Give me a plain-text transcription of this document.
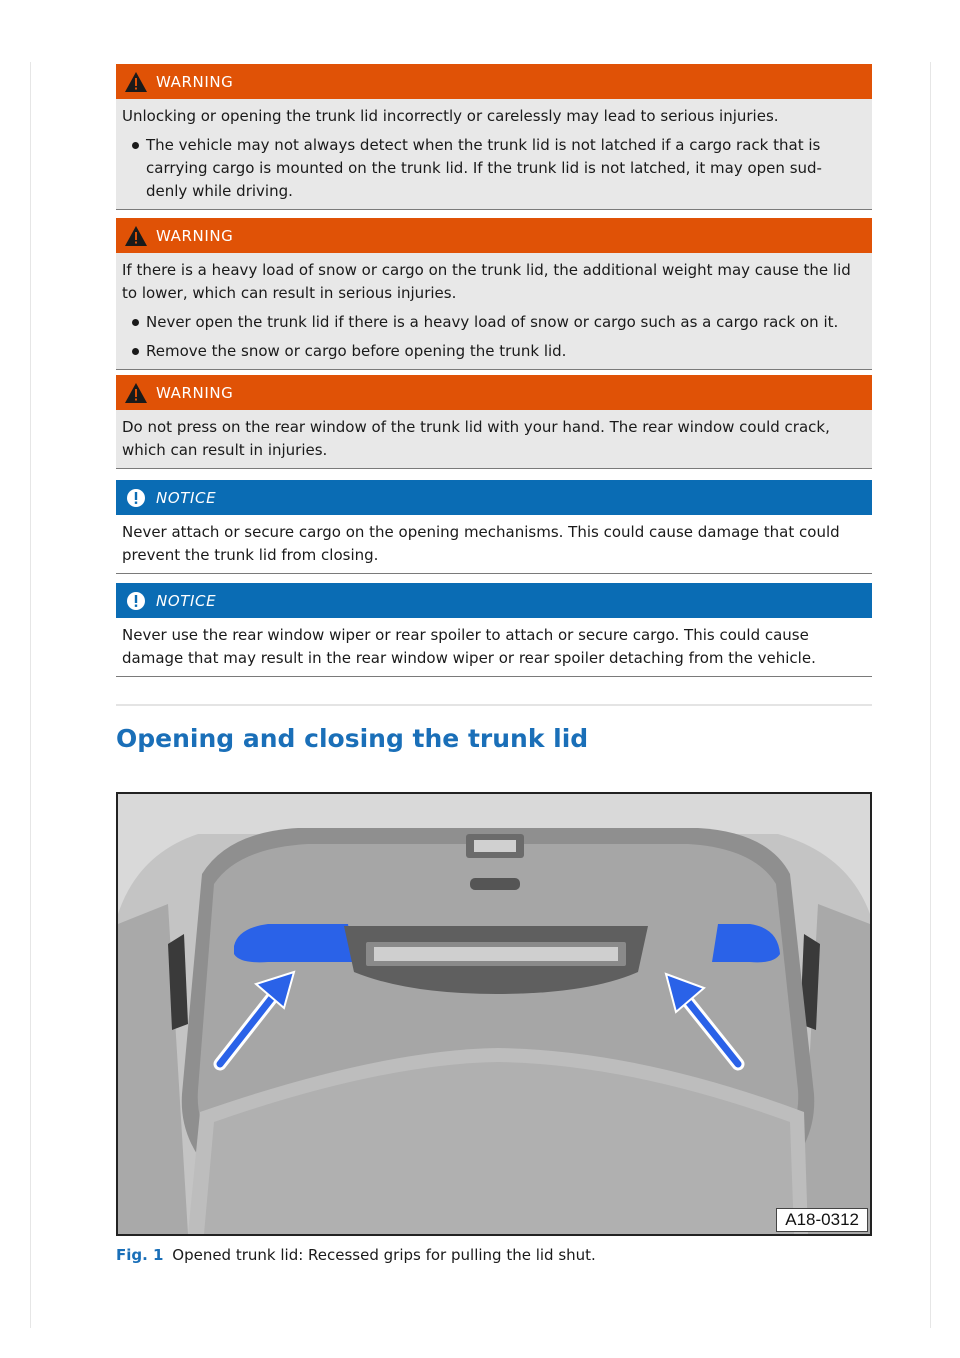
WARNING

Unlocking or opening the trunk lid incorrectly or carelessly may lead to serious injuries.

The vehicle may not always detect when the trunk lid is not latched if a cargo rack that is carrying cargo is mounted on the trunk lid. If the trunk lid is not latched, it may open sud-denly while driving.
WARNING

If there is a heavy load of snow or cargo on the trunk lid, the additional weight may cause the lid to lower, which can result in serious injuries.

Never open the trunk lid if there is a heavy load of snow or cargo such as a cargo rack on it.
Remove the snow or cargo before opening the trunk lid.
WARNING

Do not press on the rear window of the trunk lid with your hand. The rear window could crack, which can result in injuries.

NOTICE

Never attach or secure cargo on the opening mechanisms. This could cause damage that could prevent the trunk lid from closing.

NOTICE

Never use the rear window wiper or rear spoiler to attach or secure cargo. This could cause damage that may result in the rear window wiper or rear spoiler detaching from the vehicle.

Opening and closing the trunk lid
A18-0312
Fig. 1 Opened trunk lid: Recessed grips for pulling the lid shut.
